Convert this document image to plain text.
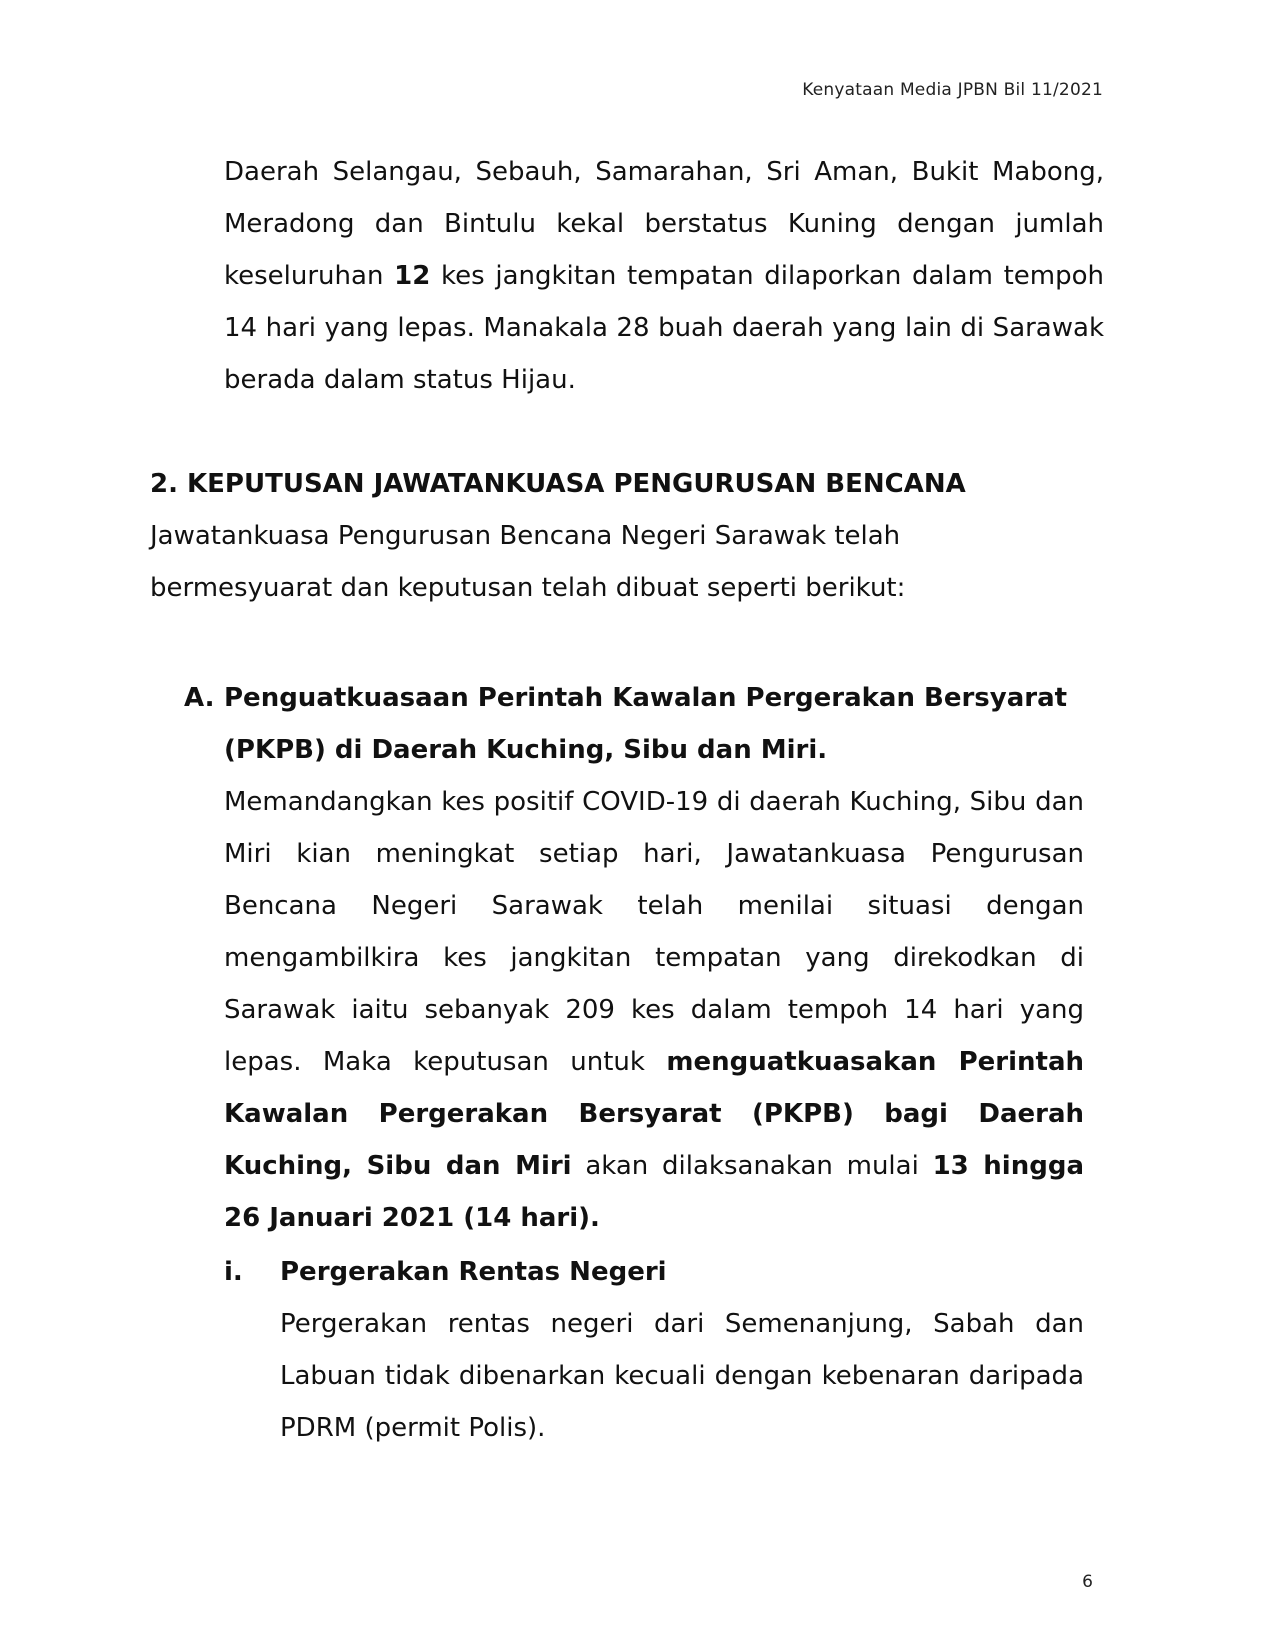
Kenyataan Media JPBN Bil 11/2021

Daerah Selangau, Sebauh, Samarahan, Sri Aman, Bukit Mabong, Meradong dan Bintulu kekal berstatus Kuning dengan jumlah keseluruhan 12 kes jangkitan tempatan dilaporkan dalam tempoh 14 hari yang lepas. Manakala 28 buah daerah yang lain di Sarawak berada dalam status Hijau.

2. KEPUTUSAN JAWATANKUASA PENGURUSAN BENCANA

Jawatankuasa Pengurusan Bencana Negeri Sarawak telah bermesyuarat dan keputusan telah dibuat seperti berikut:

A. Penguatkuasaan Perintah Kawalan Pergerakan Bersyarat (PKPB) di Daerah Kuching, Sibu dan Miri.

Memandangkan kes positif COVID-19 di daerah Kuching, Sibu dan Miri kian meningkat setiap hari, Jawatankuasa Pengurusan Bencana Negeri Sarawak telah menilai situasi dengan mengambilkira kes jangkitan tempatan yang direkodkan di Sarawak iaitu sebanyak 209 kes dalam tempoh 14 hari yang lepas. Maka keputusan untuk menguatkuasakan Perintah Kawalan Pergerakan Bersyarat (PKPB) bagi Daerah Kuching, Sibu dan Miri akan dilaksanakan mulai 13 hingga 26 Januari 2021 (14 hari).

i. Pergerakan Rentas Negeri

Pergerakan rentas negeri dari Semenanjung, Sabah dan Labuan tidak dibenarkan kecuali dengan kebenaran daripada PDRM (permit Polis).

6
